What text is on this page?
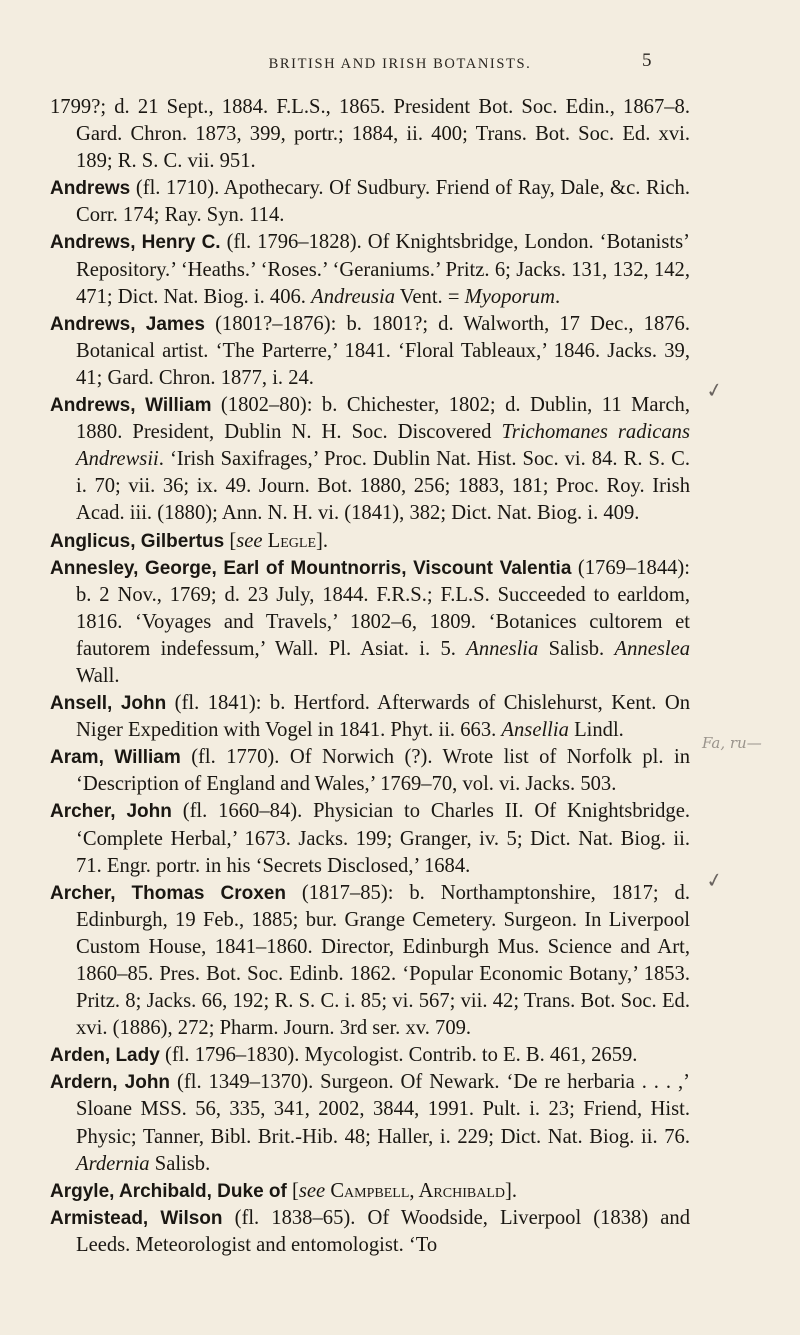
BRITISH AND IRISH BOTANISTS.	5

1799?; d. 21 Sept., 1884. F.L.S., 1865. President Bot. Soc. Edin., 1867–8. Gard. Chron. 1873, 399, portr.; 1884, ii. 400; Trans. Bot. Soc. Ed. xvi. 189; R. S. C. vii. 951.

Andrews (fl. 1710). Apothecary. Of Sudbury. Friend of Ray, Dale, &c. Rich. Corr. 174; Ray. Syn. 114.

Andrews, Henry C. (fl. 1796–1828). Of Knightsbridge, London. ‘Botanists’ Repository.’ ‘Heaths.’ ‘Roses.’ ‘Geraniums.’ Pritz. 6; Jacks. 131, 132, 142, 471; Dict. Nat. Biog. i. 406. Andreusia Vent. = Myoporum.

Andrews, James (1801?–1876): b. 1801?; d. Walworth, 17 Dec., 1876. Botanical artist. ‘The Parterre,’ 1841. ‘Floral Tableaux,’ 1846. Jacks. 39, 41; Gard. Chron. 1877, i. 24.

Andrews, William (1802–80): b. Chichester, 1802; d. Dublin, 11 March, 1880. President, Dublin N. H. Soc. Discovered Trichomanes radicans Andrewsii. ‘Irish Saxifrages,’ Proc. Dublin Nat. Hist. Soc. vi. 84. R. S. C. i. 70; vii. 36; ix. 49. Journ. Bot. 1880, 256; 1883, 181; Proc. Roy. Irish Acad. iii. (1880); Ann. N. H. vi. (1841), 382; Dict. Nat. Biog. i. 409.

Anglicus, Gilbertus [see Legle].

Annesley, George, Earl of Mountnorris, Viscount Valentia (1769–1844): b. 2 Nov., 1769; d. 23 July, 1844. F.R.S.; F.L.S. Succeeded to earldom, 1816. ‘Voyages and Travels,’ 1802–6, 1809. ‘Botanices cultorem et fautorem indefessum,’ Wall. Pl. Asiat. i. 5. Anneslia Salisb. Anneslea Wall.

Ansell, John (fl. 1841): b. Hertford. Afterwards of Chislehurst, Kent. On Niger Expedition with Vogel in 1841. Phyt. ii. 663. Ansellia Lindl.

Aram, William (fl. 1770). Of Norwich (?). Wrote list of Norfolk pl. in ‘Description of England and Wales,’ 1769–70, vol. vi. Jacks. 503.

Archer, John (fl. 1660–84). Physician to Charles II. Of Knightsbridge. ‘Complete Herbal,’ 1673. Jacks. 199; Granger, iv. 5; Dict. Nat. Biog. ii. 71. Engr. portr. in his ‘Secrets Disclosed,’ 1684.

Archer, Thomas Croxen (1817–85): b. Northamptonshire, 1817; d. Edinburgh, 19 Feb., 1885; bur. Grange Cemetery. Surgeon. In Liverpool Custom House, 1841–1860. Director, Edinburgh Mus. Science and Art, 1860–85. Pres. Bot. Soc. Edinb. 1862. ‘Popular Economic Botany,’ 1853. Pritz. 8; Jacks. 66, 192; R. S. C. i. 85; vi. 567; vii. 42; Trans. Bot. Soc. Ed. xvi. (1886), 272; Pharm. Journ. 3rd ser. xv. 709.

Arden, Lady (fl. 1796–1830). Mycologist. Contrib. to E. B. 461, 2659.

Ardern, John (fl. 1349–1370). Surgeon. Of Newark. ‘De re herbaria . . . ,’ Sloane MSS. 56, 335, 341, 2002, 3844, 1991. Pult. i. 23; Friend, Hist. Physic; Tanner, Bibl. Brit.-Hib. 48; Haller, i. 229; Dict. Nat. Biog. ii. 76. Ardernia Salisb.

Argyle, Archibald, Duke of [see Campbell, Archibald].

Armistead, Wilson (fl. 1838–65). Of Woodside, Liverpool (1838) and Leeds. Meteorologist and entomologist. ‘To

✓
✓
Fa, ru—
